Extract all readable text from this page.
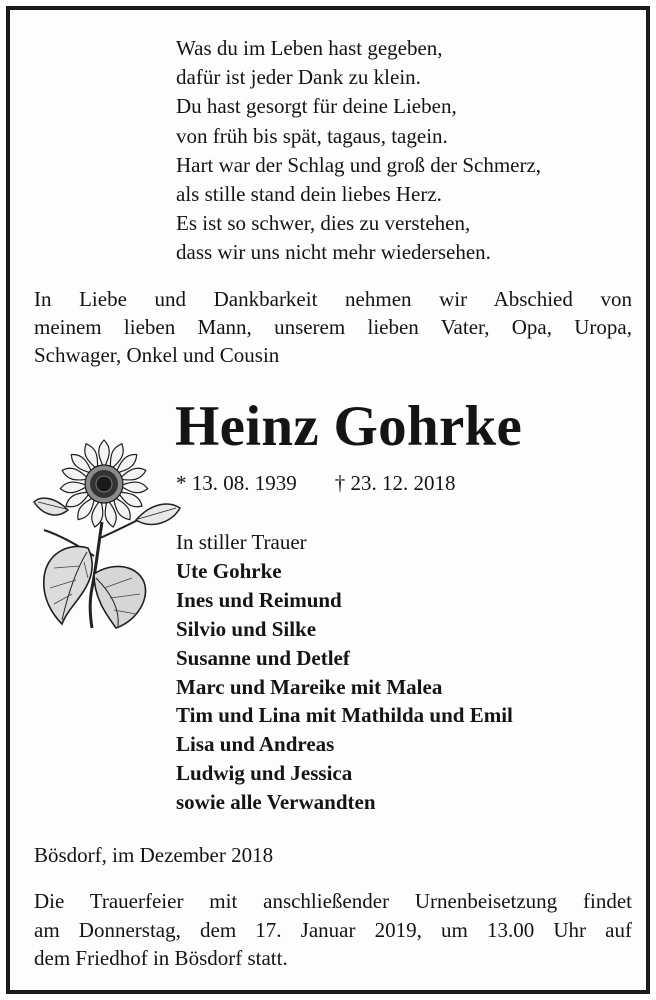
Was du im Leben hast gegeben,
dafür ist jeder Dank zu klein.
Du hast gesorgt für deine Lieben,
von früh bis spät, tagaus, tagein.
Hart war der Schlag und groß der Schmerz,
als stille stand dein liebes Herz.
Es ist so schwer, dies zu verstehen,
dass wir uns nicht mehr wiedersehen.
In Liebe und Dankbarkeit nehmen wir Abschied von
meinem lieben Mann, unserem lieben Vater, Opa, Uropa,
Schwager, Onkel und Cousin
Heinz Gohrke
* 13. 08. 1939 † 23. 12. 2018
In stiller Trauer
Ute Gohrke
Ines und Reimund
Silvio und Silke
Susanne und Detlef
Marc und Mareike mit Malea
Tim und Lina mit Mathilda und Emil
Lisa und Andreas
Ludwig und Jessica
sowie alle Verwandten
Bösdorf, im Dezember 2018
Die Trauerfeier mit anschließender Urnenbeisetzung findet
am Donnerstag, dem 17. Januar 2019, um 13.00 Uhr auf
dem Friedhof in Bösdorf statt.
